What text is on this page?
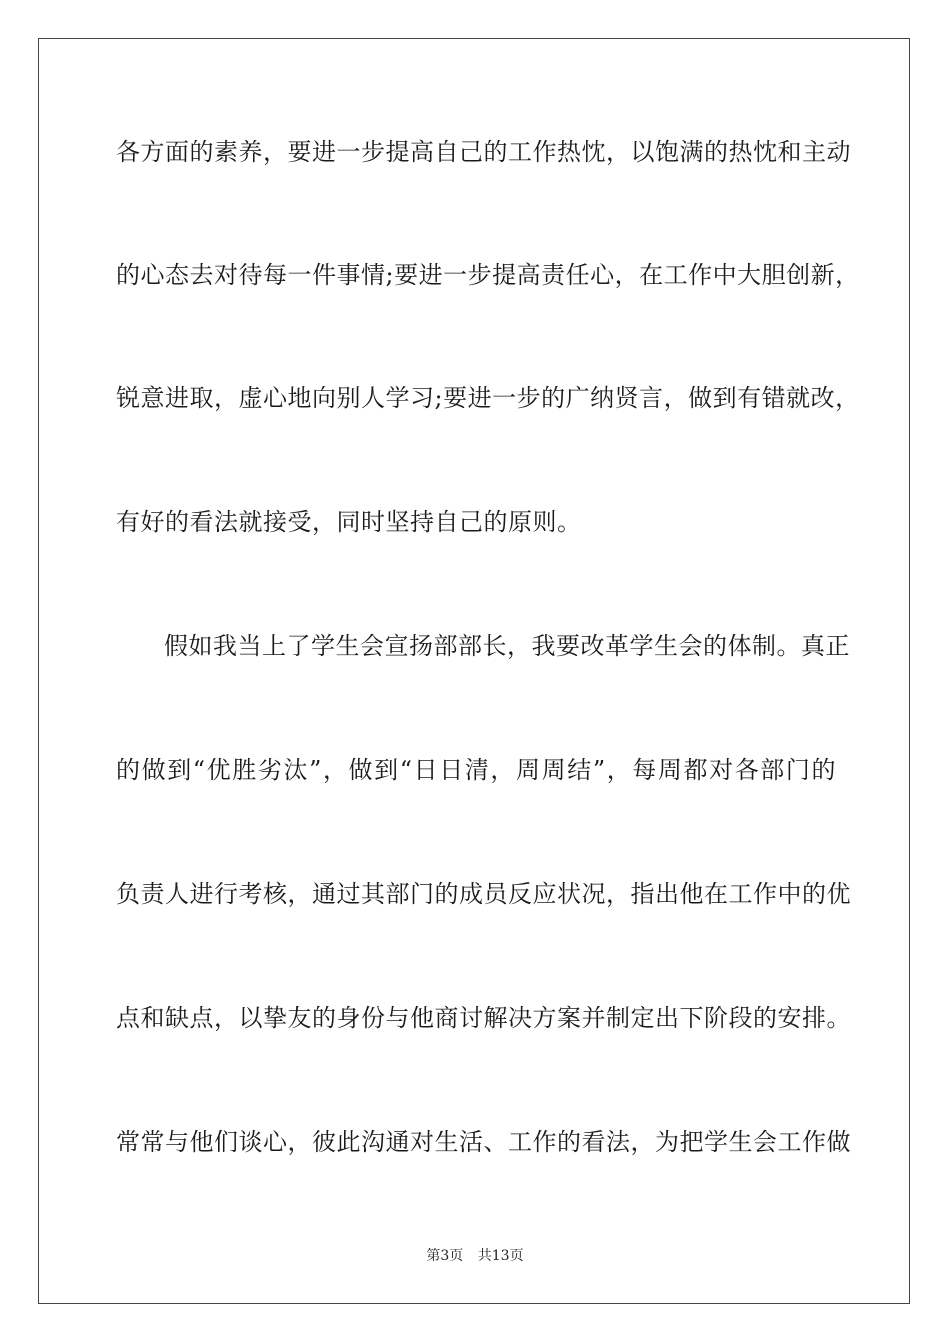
各方面的素养，要进一步提高自己的工作热忱，以饱满的热忱和主动
的心态去对待每一件事情;要进一步提高责任心，在工作中大胆创新，
锐意进取，虚心地向别人学习;要进一步的广纳贤言，做到有错就改，
有好的看法就接受，同时坚持自己的原则。
假如我当上了学生会宣扬部部长，我要改革学生会的体制。真正
的做到“优胜劣汰”，做到“日日清，周周结”，每周都对各部门的
负责人进行考核，通过其部门的成员反应状况，指出他在工作中的优
点和缺点，以挚友的身份与他商讨解决方案并制定出下阶段的安排。
常常与他们谈心，彼此沟通对生活、工作的看法，为把学生会工作做
第3页 共13页
